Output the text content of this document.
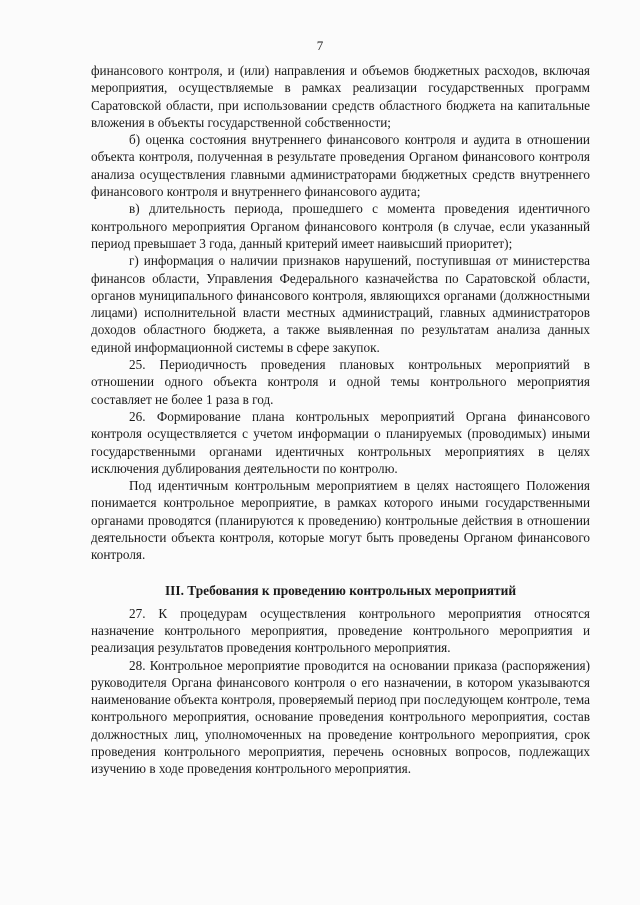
7

финансового контроля, и (или) направления и объемов бюджетных расходов, включая мероприятия, осуществляемые в рамках реализации государственных программ Саратовской области, при использовании средств областного бюджета на капитальные вложения в объекты государственной собственности;

б) оценка состояния внутреннего финансового контроля и аудита в отношении объекта контроля, полученная в результате проведения Органом финансового контроля анализа осуществления главными администраторами бюджетных средств внутреннего финансового контроля и внутреннего финансового аудита;

в) длительность периода, прошедшего с момента проведения идентичного контрольного мероприятия Органом финансового контроля (в случае, если указанный период превышает 3 года, данный критерий имеет наивысший приоритет);

г) информация о наличии признаков нарушений, поступившая от министерства финансов области, Управления Федерального казначейства по Саратовской области, органов муниципального финансового контроля, являющихся органами (должностными лицами) исполнительной власти местных администраций, главных администраторов доходов областного бюджета, а также выявленная по результатам анализа данных единой информационной системы в сфере закупок.

25. Периодичность проведения плановых контрольных мероприятий в отношении одного объекта контроля и одной темы контрольного мероприятия составляет не более 1 раза в год.

26. Формирование плана контрольных мероприятий Органа финансового контроля осуществляется с учетом информации о планируемых (проводимых) иными государственными органами идентичных контрольных мероприятиях в целях исключения дублирования деятельности по контролю.

Под идентичным контрольным мероприятием в целях настоящего Положения понимается контрольное мероприятие, в рамках которого иными государственными органами проводятся (планируются к проведению) контрольные действия в отношении деятельности объекта контроля, которые могут быть проведены Органом финансового контроля.

III. Требования к проведению контрольных мероприятий

27. К процедурам осуществления контрольного мероприятия относятся назначение контрольного мероприятия, проведение контрольного мероприятия и реализация результатов проведения контрольного мероприятия.

28. Контрольное мероприятие проводится на основании приказа (распоряжения) руководителя Органа финансового контроля о его назначении, в котором указываются наименование объекта контроля, проверяемый период при последующем контроле, тема контрольного мероприятия, основание проведения контрольного мероприятия, состав должностных лиц, уполномоченных на проведение контрольного мероприятия, срок проведения контрольного мероприятия, перечень основных вопросов, подлежащих изучению в ходе проведения контрольного мероприятия.
